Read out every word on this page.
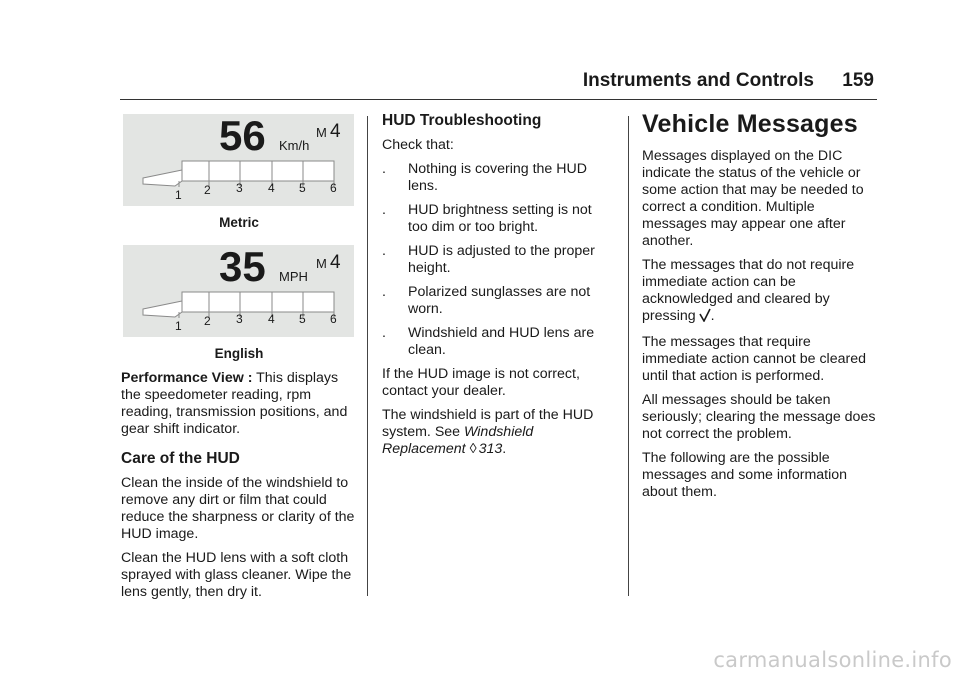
Instruments and Controls 159
56 Km/h
M 4
1 2 3 4 5 6
Metric
35 MPH
M 4
1 2 3 4 5 6
English

Performance View : This displays the speedometer reading, rpm reading, transmission positions, and gear shift indicator.

Care of the HUD

Clean the inside of the windshield to remove any dirt or film that could reduce the sharpness or clarity of the HUD image.

Clean the HUD lens with a soft cloth sprayed with glass cleaner. Wipe the lens gently, then dry it.

HUD Troubleshooting

Check that:

.	Nothing is covering the HUD lens.
.	HUD brightness setting is not too dim or too bright.
.	HUD is adjusted to the proper height.
.	Polarized sunglasses are not worn.
.	Windshield and HUD lens are clean.

If the HUD image is not correct, contact your dealer.

The windshield is part of the HUD system. See Windshield Replacement ◊ 313.

Vehicle Messages

Messages displayed on the DIC indicate the status of the vehicle or some action that may be needed to correct a condition. Multiple messages may appear one after another.

The messages that do not require immediate action can be acknowledged and cleared by pressing .

The messages that require immediate action cannot be cleared until that action is performed.

All messages should be taken seriously; clearing the message does not correct the problem.

The following are the possible messages and some information about them.

carmanualsonline.info
